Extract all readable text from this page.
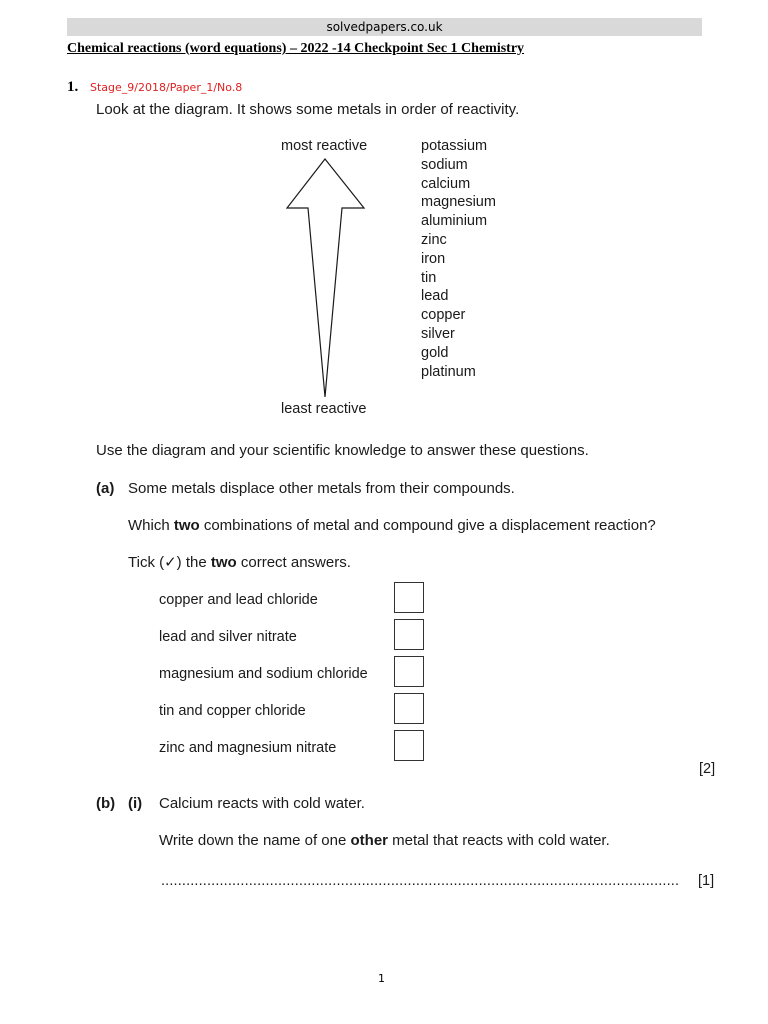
solvedpapers.co.uk
Chemical reactions (word equations) – 2022 -14 Checkpoint Sec 1 Chemistry
1. Stage_9/2018/Paper_1/No.8
Look at the diagram. It shows some metals in order of reactivity.
most reactive
least reactive
potassium
sodium
calcium
magnesium
aluminium
zinc
iron
tin
lead
copper
silver
gold
platinum
Use the diagram and your scientific knowledge to answer these questions.
(a) Some metals displace other metals from their compounds.
Which two combinations of metal and compound give a displacement reaction?
Tick (✓) the two correct answers.
copper and lead chloride
lead and silver nitrate
magnesium and sodium chloride
tin and copper chloride
zinc and magnesium nitrate
[2]
(b) (i) Calcium reacts with cold water.
Write down the name of one other metal that reacts with cold water.
............................................................................................................................	[1]
1
